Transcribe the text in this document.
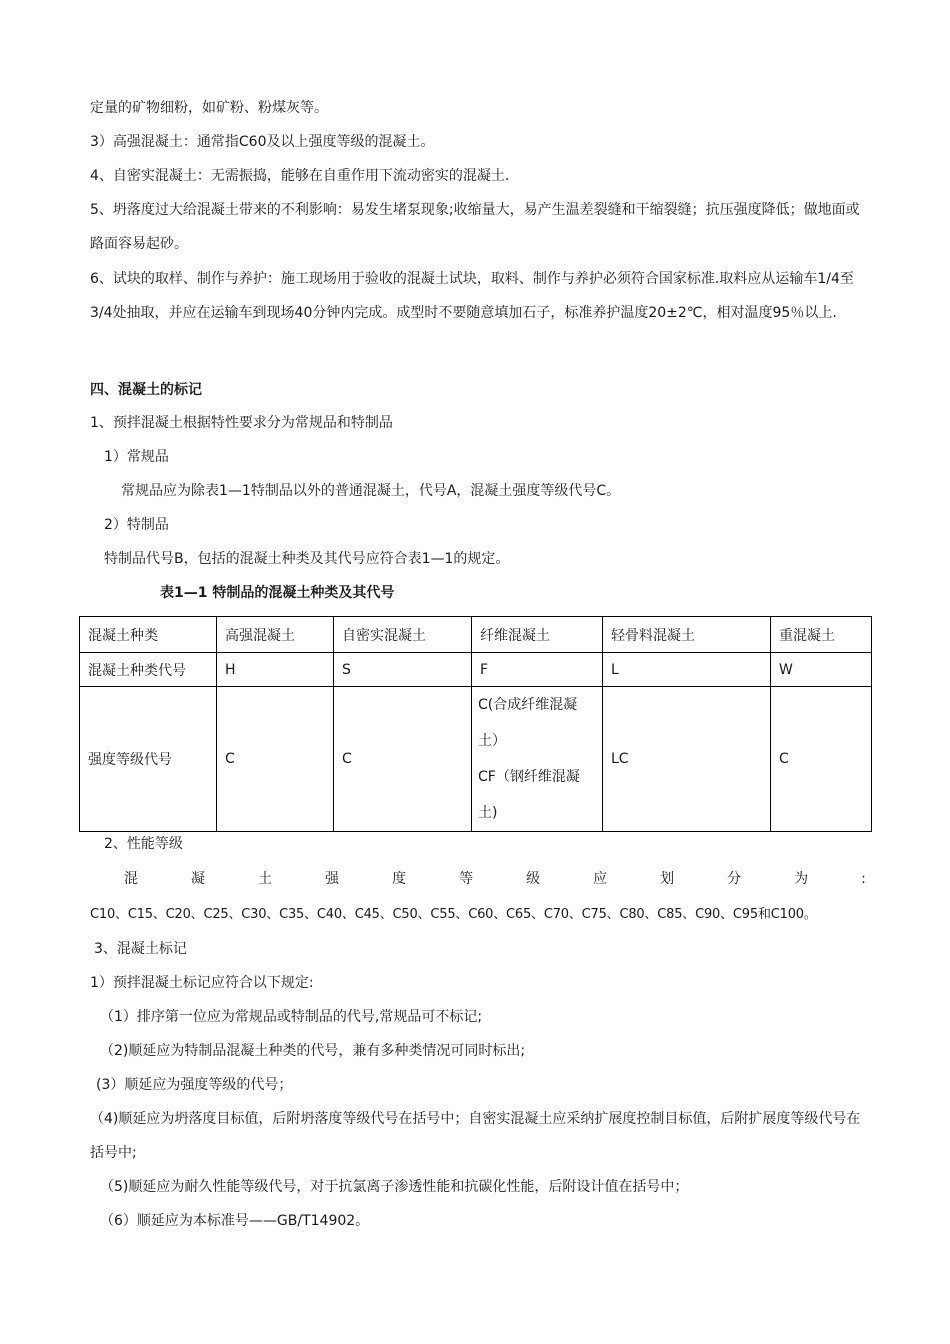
定量的矿物细粉，如矿粉、粉煤灰等。
3）高强混凝土：通常指C60及以上强度等级的混凝土。
4、自密实混凝土：无需振捣，能够在自重作用下流动密实的混凝土.
5、坍落度过大给混凝土带来的不利影响：易发生堵泵现象;收缩量大，易产生温差裂缝和干缩裂缝；抗压强度降低；做地面或路面容易起砂。
6、试块的取样、制作与养护：施工现场用于验收的混凝土试块，取料、制作与养护必须符合国家标准.取料应从运输车1/4至3/4处抽取，并应在运输车到现场40分钟内完成。成型时不要随意填加石子，标准养护温度20±2℃，相对温度95％以上.
四、混凝土的标记
1、预拌混凝土根据特性要求分为常规品和特制品
1）常规品
常规品应为除表1—1特制品以外的普通混凝土，代号A，混凝土强度等级代号C。
2）特制品
特制品代号B，包括的混凝土种类及其代号应符合表1—1的规定。
表1—1 特制品的混凝土种类及其代号
混凝土种类	高强混凝土	自密实混凝土	纤维混凝土	轻骨料混凝土	重混凝土
混凝土种类代号	H	S	F	L	W
强度等级代号	C	C	C(合成纤维混凝
土）
CF（钢纤维混凝
土)	LC	C
2、性能等级
混	凝	土	强	度	等	级	应	划	分	为	:
C10、C15、C20、C25、C30、C35、C40、C45、C50、C55、C60、C65、C70、C75、C80、C85、C90、C95和C100。
3、混凝土标记
1）预拌混凝土标记应符合以下规定:
（1）排序第一位应为常规品或特制品的代号,常规品可不标记;
（2)顺延应为特制品混凝土种类的代号，兼有多种类情况可同时标出;
(3）顺延应为强度等级的代号；
（4)顺延应为坍落度目标值，后附坍落度等级代号在括号中；自密实混凝土应采纳扩展度控制目标值，后附扩展度等级代号在括号中;
（5)顺延应为耐久性能等级代号，对于抗氯离子渗透性能和抗碳化性能，后附设计值在括号中；
（6）顺延应为本标准号——GB/T14902。
